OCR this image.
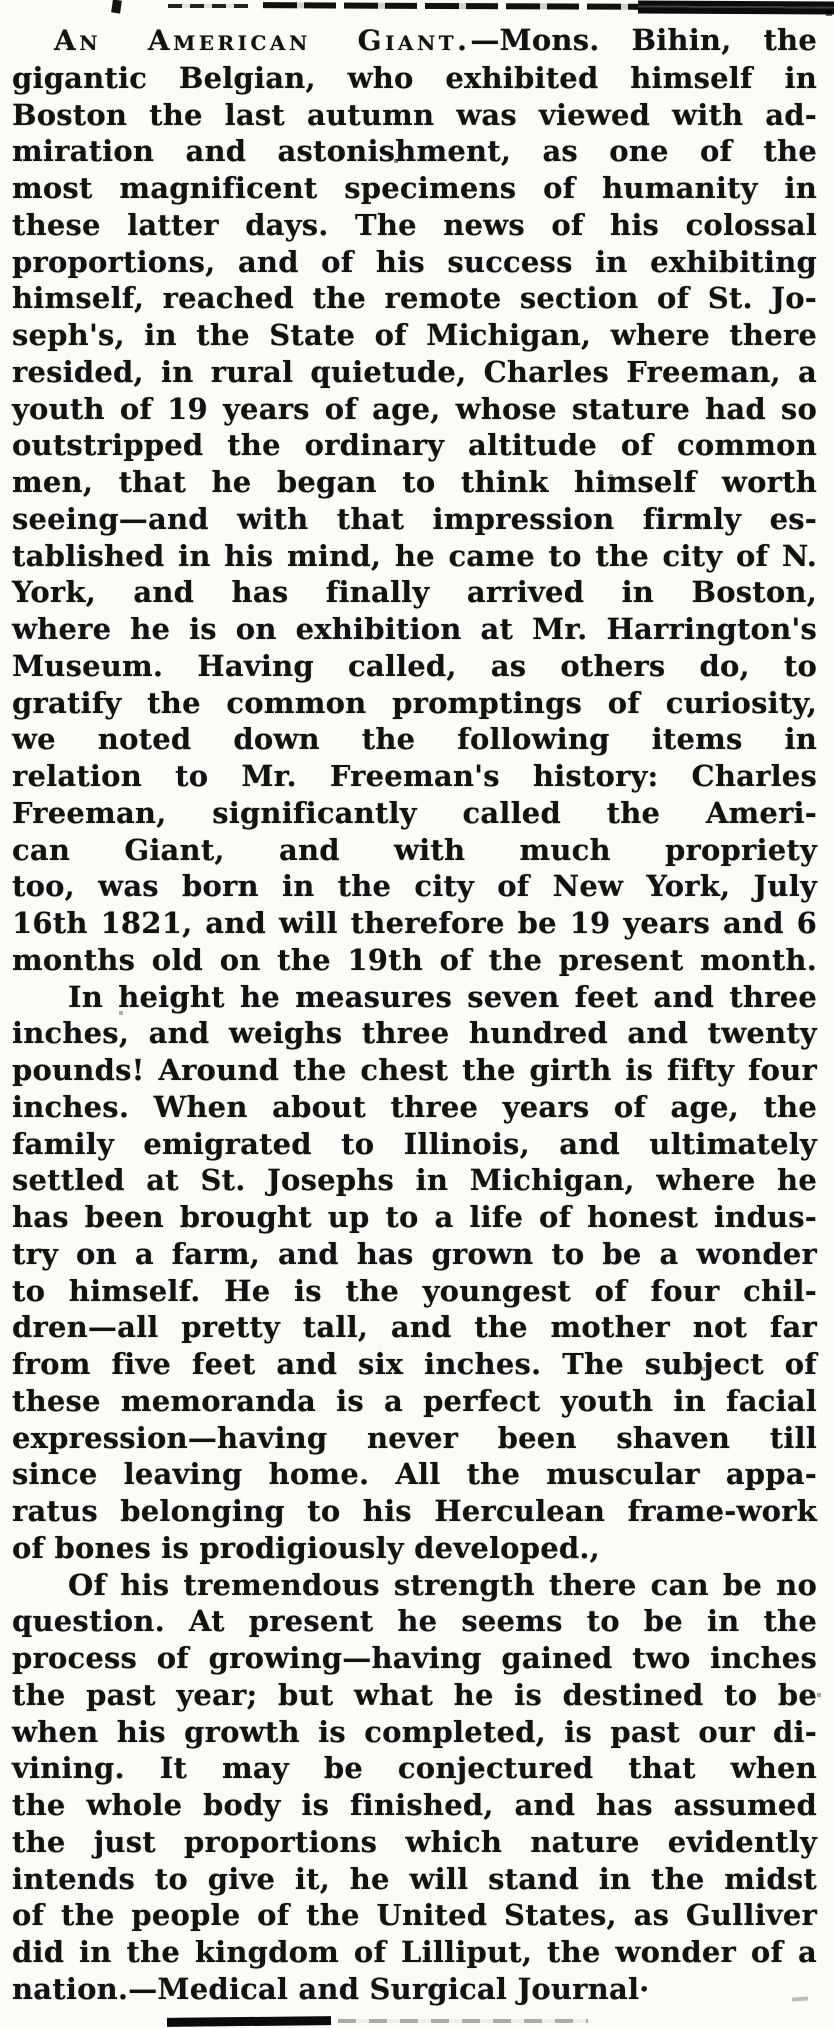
An American Giant.—Mons. Bihin, the
gigantic Belgian, who exhibited himself in
Boston the last autumn was viewed with ad-
miration and astonishment, as one of the
most magnificent specimens of humanity in
these latter days. The news of his colossal
proportions, and of his success in exhibiting
himself, reached the remote section of St. Jo-
seph's, in the State of Michigan, where there
resided, in rural quietude, Charles Freeman, a
youth of 19 years of age, whose stature had so
outstripped the ordinary altitude of common
men, that he began to think himself worth
seeing—and with that impression firmly es-
tablished in his mind, he came to the city of N.
York, and has finally arrived in Boston,
where he is on exhibition at Mr. Harrington's
Museum. Having called, as others do, to
gratify the common promptings of curiosity,
we noted down the following items in
relation to Mr. Freeman's history: Charles
Freeman, significantly called the Ameri-
can Giant, and with much propriety
too, was born in the city of New York, July
16th 1821, and will therefore be 19 years and 6
months old on the 19th of the present month.
In height he measures seven feet and three
inches, and weighs three hundred and twenty
pounds! Around the chest the girth is fifty four
inches. When about three years of age, the
family emigrated to Illinois, and ultimately
settled at St. Josephs in Michigan, where he
has been brought up to a life of honest indus-
try on a farm, and has grown to be a wonder
to himself. He is the youngest of four chil-
dren—all pretty tall, and the mother not far
from five feet and six inches. The subject of
these memoranda is a perfect youth in facial
expression—having never been shaven till
since leaving home. All the muscular appa-
ratus belonging to his Herculean frame-work
of bones is prodigiously developed.,
Of his tremendous strength there can be no
question. At present he seems to be in the
process of growing—having gained two inches
the past year; but what he is destined to be
when his growth is completed, is past our di-
vining. It may be conjectured that when
the whole body is finished, and has assumed
the just proportions which nature evidently
intends to give it, he will stand in the midst
of the people of the United States, as Gulliver
did in the kingdom of Lilliput, the wonder of a
nation.—Medical and Surgical Journal·
